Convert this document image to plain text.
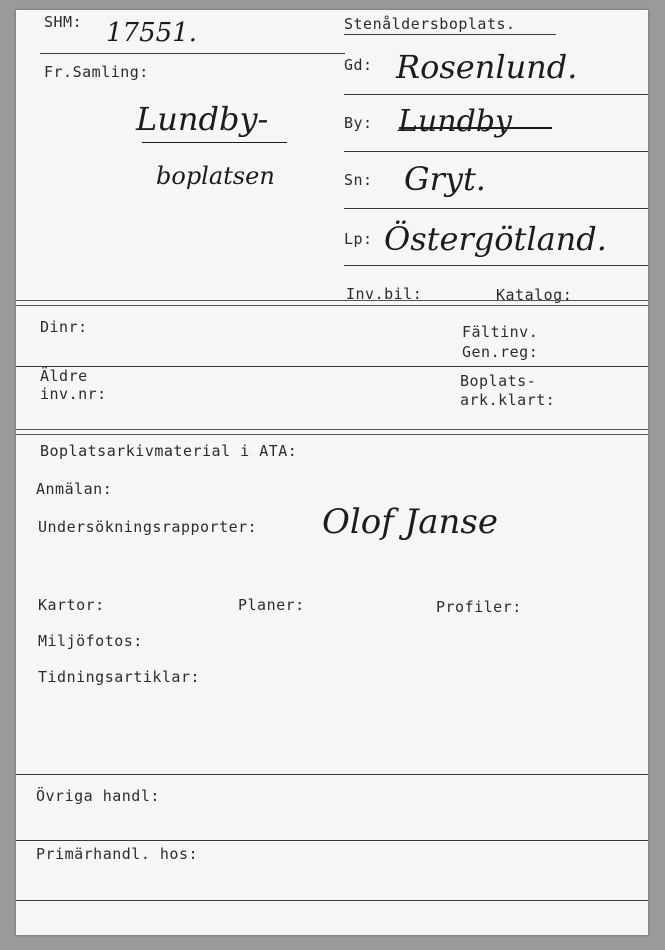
SHM: 17551.	Stenåldersboplats.
Fr.Samling:
Lundby-
boplatsen
Gd: Rosenlund.
By: Lundby
Sn: Gryt.
Lp: Östergötland.
Inv.bil:	Katalog:
Dinr:	Fältinv.
Gen.reg:
Äldre
inv.nr:
Boplats-
ark.klart:
Boplatsarkivmaterial i ATA:
Anmälan:
Undersökningsrapporter: Olof Janse
Kartor:	Planer:	Profiler:
Miljöfotos:
Tidningsartiklar:
Övriga handl:
Primärhandl. hos:
